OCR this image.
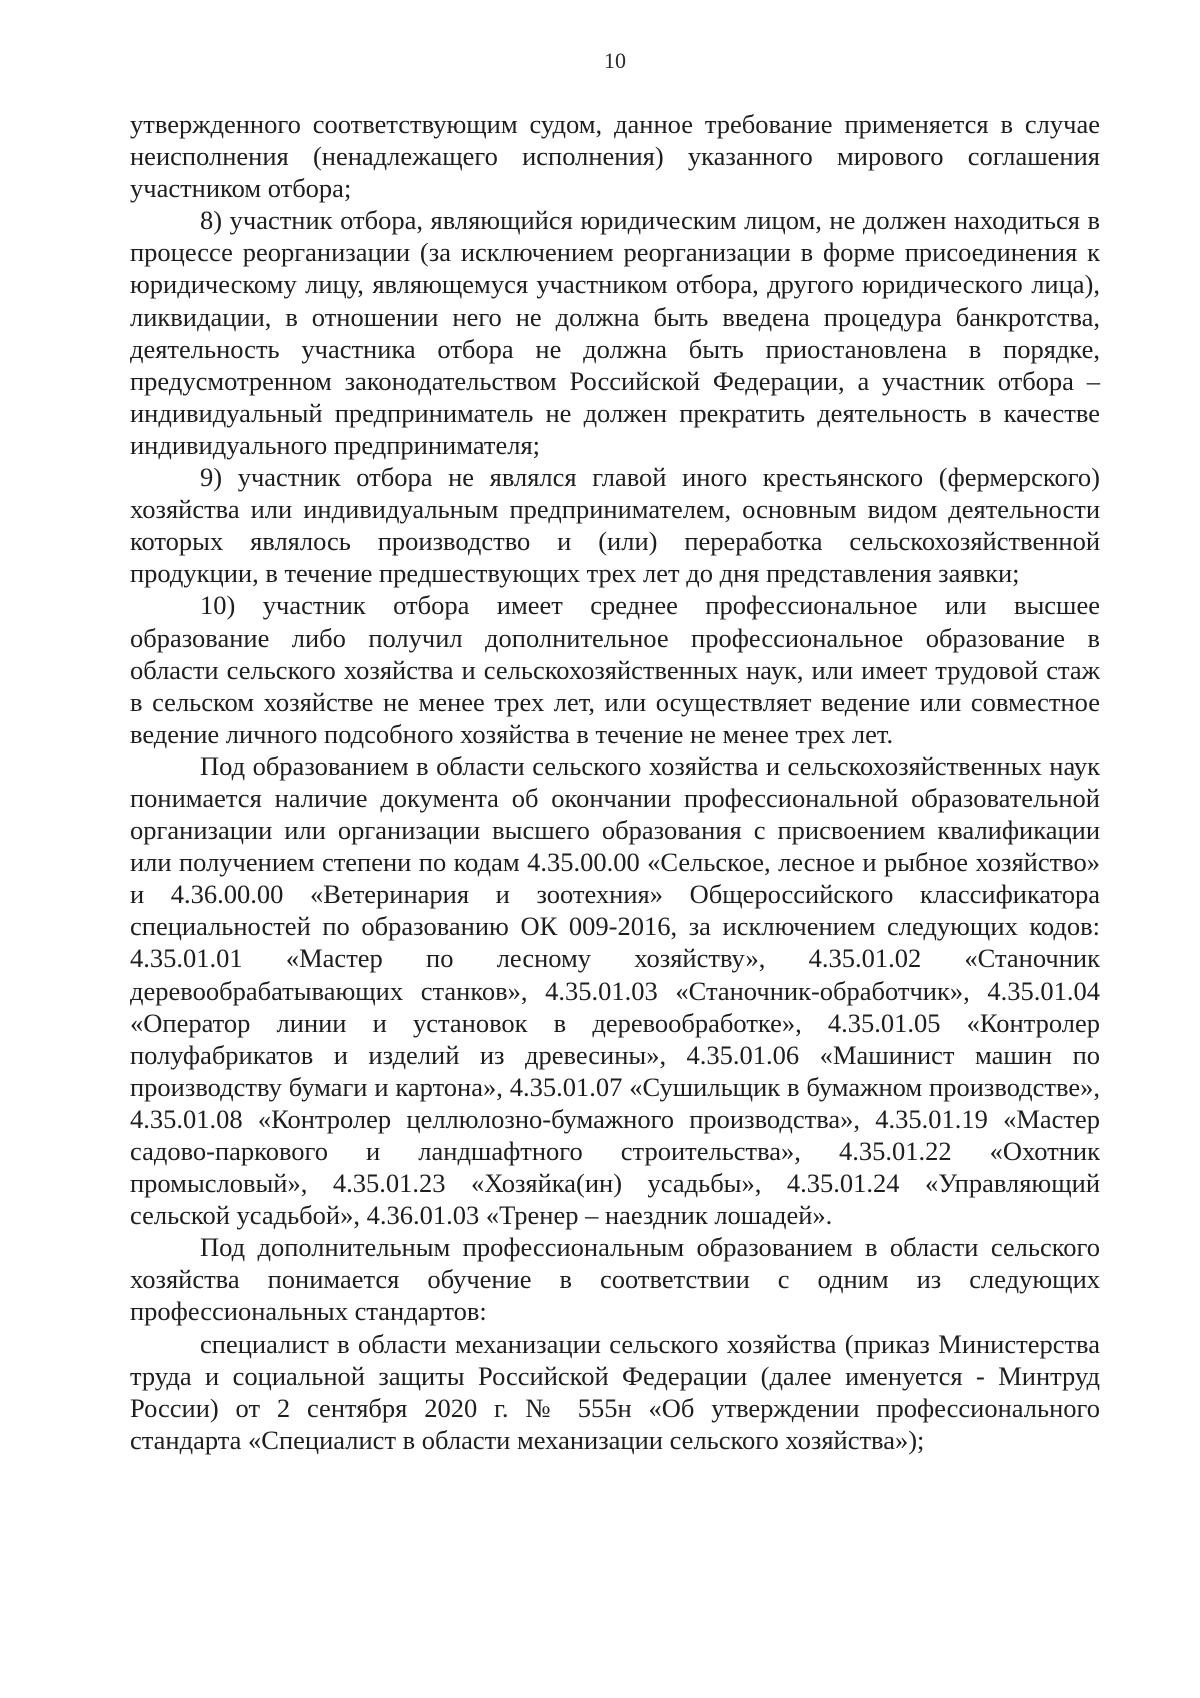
10

утвержденного соответствующим судом, данное требование применяется в случае неисполнения (ненадлежащего исполнения) указанного мирового соглашения участником отбора;

8) участник отбора, являющийся юридическим лицом, не должен находиться в процессе реорганизации (за исключением реорганизации в форме присоединения к юридическому лицу, являющемуся участником отбора, другого юридического лица), ликвидации, в отношении него не должна быть введена процедура банкротства, деятельность участника отбора не должна быть приостановлена в порядке, предусмотренном законодательством Российской Федерации, а участник отбора – индивидуальный предприниматель не должен прекратить деятельность в качестве индивидуального предпринимателя;

9) участник отбора не являлся главой иного крестьянского (фермерского) хозяйства или индивидуальным предпринимателем, основным видом деятельности которых являлось производство и (или) переработка сельскохозяйственной продукции, в течение предшествующих трех лет до дня представления заявки;

10) участник отбора имеет среднее профессиональное или высшее образование либо получил дополнительное профессиональное образование в области сельского хозяйства и сельскохозяйственных наук, или имеет трудовой стаж в сельском хозяйстве не менее трех лет, или осуществляет ведение или совместное ведение личного подсобного хозяйства в течение не менее трех лет.

Под образованием в области сельского хозяйства и сельскохозяйственных наук понимается наличие документа об окончании профессиональной образовательной организации или организации высшего образования с присвоением квалификации или получением степени по кодам 4.35.00.00 «Сельское, лесное и рыбное хозяйство» и 4.36.00.00 «Ветеринария и зоотехния» Общероссийского классификатора специальностей по образованию ОК 009-2016, за исключением следующих кодов: 4.35.01.01 «Мастер по лесному хозяйству», 4.35.01.02 «Станочник деревообрабатывающих станков», 4.35.01.03 «Станочник-обработчик», 4.35.01.04 «Оператор линии и установок в деревообработке», 4.35.01.05 «Контролер полуфабрикатов и изделий из древесины», 4.35.01.06 «Машинист машин по производству бумаги и картона», 4.35.01.07 «Сушильщик в бумажном производстве», 4.35.01.08 «Контролер целлюлозно-бумажного производства», 4.35.01.19 «Мастер садово-паркового и ландшафтного строительства», 4.35.01.22 «Охотник промысловый», 4.35.01.23 «Хозяйка(ин) усадьбы», 4.35.01.24 «Управляющий сельской усадьбой», 4.36.01.03 «Тренер – наездник лошадей».

Под дополнительным профессиональным образованием в области сельского хозяйства понимается обучение в соответствии с одним из следующих профессиональных стандартов:

специалист в области механизации сельского хозяйства (приказ Министерства труда и социальной защиты Российской Федерации (далее именуется - Минтруд России) от 2 сентября 2020 г. № 555н «Об утверждении профессионального стандарта «Специалист в области механизации сельского хозяйства»);
